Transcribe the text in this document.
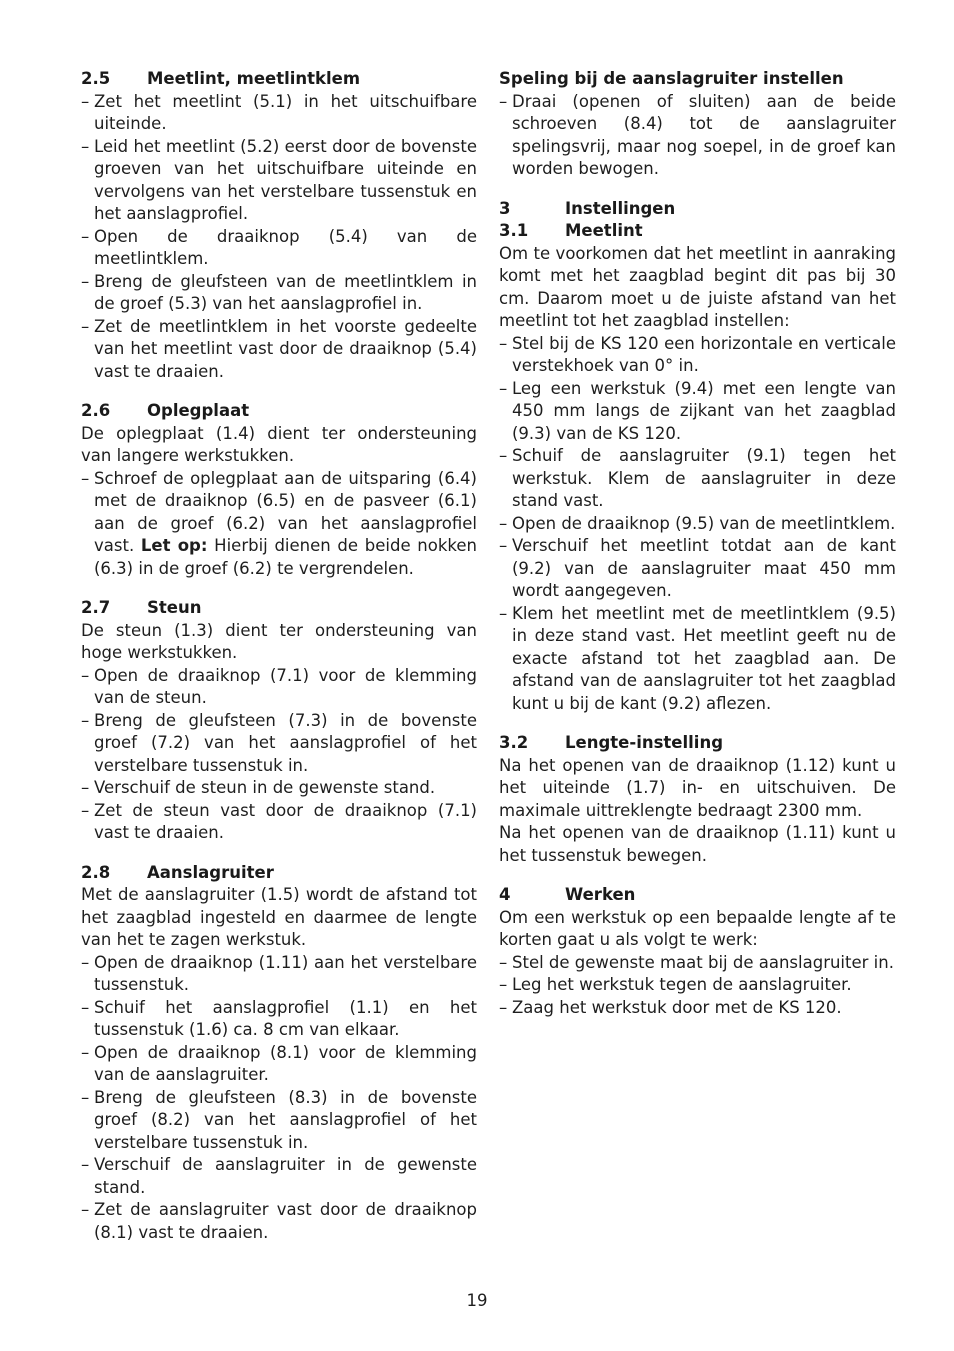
2.5 Meetlint, meetlintklem
– Zet het meetlint (5.1) in het uitschuifbare uiteinde.
– Leid het meetlint (5.2) eerst door de bovenste groeven van het uitschuifbare uiteinde en vervolgens van het verstelbare tussenstuk en het aanslagprofiel.
– Open de draaiknop (5.4) van de meetlintklem.
– Breng de gleufsteen van de meetlintklem in de groef (5.3) van het aanslagprofiel in.
– Zet de meetlintklem in het voorste gedeelte van het meetlint vast door de draaiknop (5.4) vast te draaien.
2.6 Oplegplaat

De oplegplaat (1.4) dient ter ondersteuning van langere werkstukken.

– Schroef de oplegplaat aan de uitsparing (6.4) met de draaiknop (6.5) en de pasveer (6.1) aan de groef (6.2) van het aanslagprofiel vast. Let op: Hierbij dienen de beide nokken (6.3) in de groef (6.2) te vergrendelen.
2.7 Steun

De steun (1.3) dient ter ondersteuning van hoge werkstukken.

– Open de draaiknop (7.1) voor de klemming van de steun.
– Breng de gleufsteen (7.3) in de bovenste groef (7.2) van het aanslagprofiel of het verstelbare tussenstuk in.
– Verschuif de steun in de gewenste stand.
– Zet de steun vast door de draaiknop (7.1) vast te draaien.
2.8 Aanslagruiter

Met de aanslagruiter (1.5) wordt de afstand tot het zaagblad ingesteld en daarmee de lengte van het te zagen werkstuk.

– Open de draaiknop (1.11) aan het verstelbare tussenstuk.
– Schuif het aanslagprofiel (1.1) en het tussenstuk (1.6) ca. 8 cm van elkaar.
– Open de draaiknop (8.1) voor de klemming van de aanslagruiter.
– Breng de gleufsteen (8.3) in de bovenste groef (8.2) van het aanslagprofiel of het verstelbare tussenstuk in.
– Verschuif de aanslagruiter in de gewenste stand.
– Zet de aanslagruiter vast door de draaiknop (8.1) vast te draaien.
Speling bij de aanslagruiter instellen
– Draai (openen of sluiten) aan de beide schroeven (8.4) tot de aanslagruiter spelingsvrij, maar nog soepel, in de groef kan worden bewogen.
3	Instellingen
3.1 Meetlint

Om te voorkomen dat het meetlint in aanraking komt met het zaagblad begint dit pas bij 30 cm. Daarom moet u de juiste afstand van het meetlint tot het zaagblad instellen:

– Stel bij de KS 120 een horizontale en verticale verstekhoek van 0° in.
– Leg een werkstuk (9.4) met een lengte van 450 mm langs de zijkant van het zaagblad (9.3) van de KS 120.
– Schuif de aanslagruiter (9.1) tegen het werkstuk. Klem de aanslagruiter in deze stand vast.
– Open de draaiknop (9.5) van de meetlintklem.
– Verschuif het meetlint totdat aan de kant (9.2) van de aanslagruiter maat 450 mm wordt aangegeven.
– Klem het meetlint met de meetlintklem (9.5) in deze stand vast. Het meetlint geeft nu de exacte afstand tot het zaagblad aan. De afstand van de aanslagruiter tot het zaagblad kunt u bij de kant (9.2) aflezen.
3.2 Lengte-instelling

Na het openen van de draaiknop (1.12) kunt u het uiteinde (1.7) in- en uitschuiven. De maximale uittreklengte bedraagt 2300 mm.

Na het openen van de draaiknop (1.11) kunt u het tussenstuk bewegen.

4	Werken

Om een werkstuk op een bepaalde lengte af te korten gaat u als volgt te werk:

– Stel de gewenste maat bij de aanslagruiter in.
– Leg het werkstuk tegen de aanslagruiter.
– Zaag het werkstuk door met de KS 120.
19
